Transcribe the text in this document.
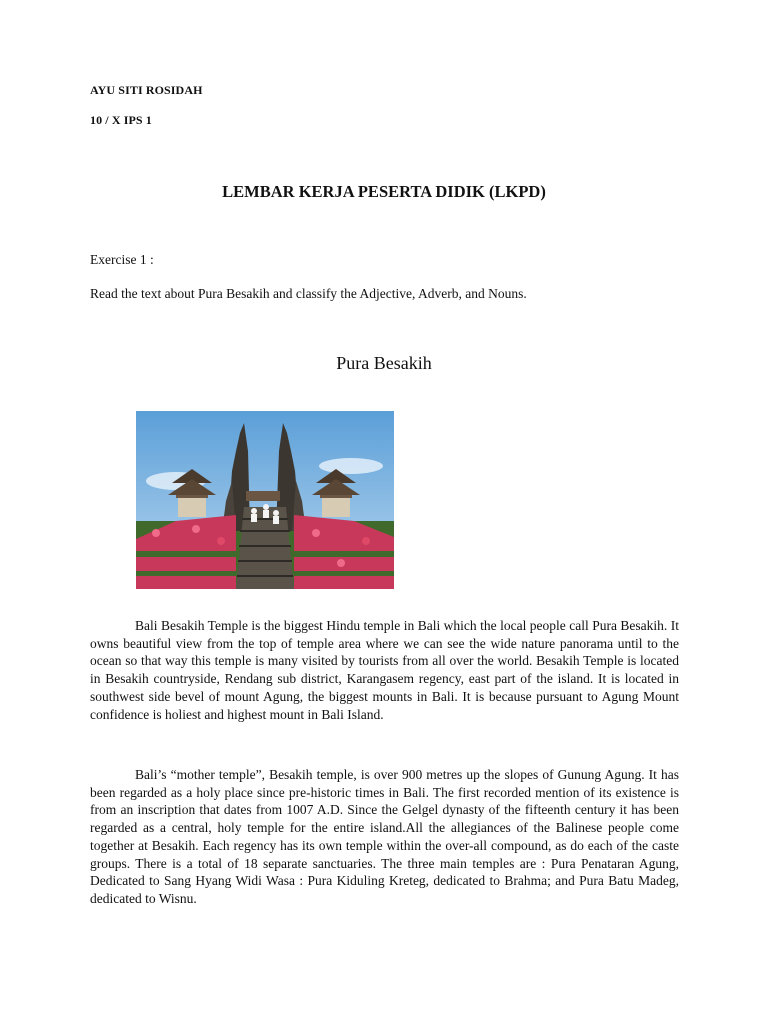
AYU SITI ROSIDAH
10 / X IPS 1
LEMBAR KERJA PESERTA DIDIK (LKPD)
Exercise 1 :
Read the text about Pura Besakih and classify the Adjective, Adverb, and Nouns.
Pura Besakih

Bali Besakih Temple is the biggest Hindu temple in Bali which the local people call Pura Besakih. It owns beautiful view from the top of temple area where we can see the wide nature panorama until to the ocean so that way this temple is many visited by tourists from all over the world. Besakih Temple is located in Besakih countryside, Rendang sub district, Karangasem regency, east part of the island. It is located in southwest side bevel of mount Agung, the biggest mounts in Bali. It is because pursuant to Agung Mount confidence is holiest and highest mount in Bali Island.

Bali’s “mother temple”, Besakih temple, is over 900 metres up the slopes of Gunung Agung. It has been regarded as a holy place since pre-historic times in Bali. The first recorded mention of its existence is from an inscription that dates from 1007 A.D. Since the Gelgel dynasty of the fifteenth century it has been regarded as a central, holy temple for the entire island.All the allegiances of the Balinese people come together at Besakih. Each regency has its own temple within the over-all compound, as do each of the caste groups. There is a total of 18 separate sanctuaries. The three main temples are : Pura Penataran Agung, Dedicated to Sang Hyang Widi Wasa : Pura Kiduling Kreteg, dedicated to Brahma; and Pura Batu Madeg, dedicated to Wisnu.
